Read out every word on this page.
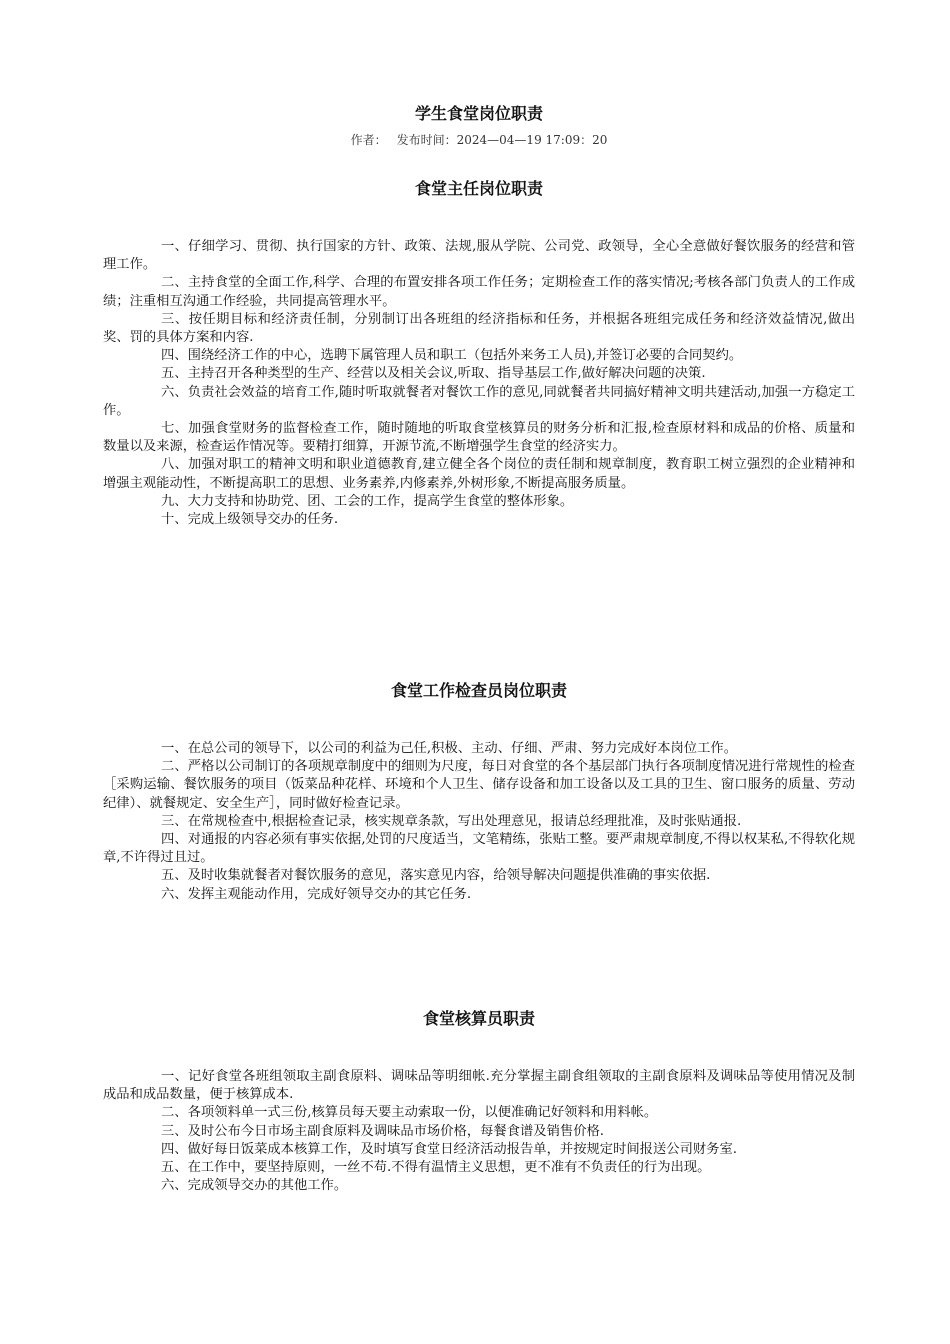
学生食堂岗位职责
作者： 发布时间：2024—04—19 17:09：20
食堂主任岗位职责

一、仔细学习、贯彻、执行国家的方针、政策、法规,服从学院、公司党、政领导，全心全意做好餐饮服务的经营和管理工作。

二、主持食堂的全面工作,科学、合理的布置安排各项工作任务；定期检查工作的落实情况;考核各部门负责人的工作成绩；注重相互沟通工作经验，共同提高管理水平。

三、按任期目标和经济责任制，分别制订出各班组的经济指标和任务，并根据各班组完成任务和经济效益情况,做出奖、罚的具体方案和内容.

四、围绕经济工作的中心，选聘下属管理人员和职工（包括外来务工人员),并签订必要的合同契约。

五、主持召开各种类型的生产、经营以及相关会议,听取、指导基层工作,做好解决问题的决策.

六、负责社会效益的培育工作,随时听取就餐者对餐饮工作的意见,同就餐者共同搞好精神文明共建活动,加强一方稳定工作。

七、加强食堂财务的监督检查工作，随时随地的听取食堂核算员的财务分析和汇报,检查原材料和成品的价格、质量和数量以及来源，检查运作情况等。要精打细算，开源节流,不断增强学生食堂的经济实力。

八、加强对职工的精神文明和职业道德教育,建立健全各个岗位的责任制和规章制度，教育职工树立强烈的企业精神和增强主观能动性，不断提高职工的思想、业务素养,内修素养,外树形象,不断提高服务质量。

九、大力支持和协助党、团、工会的工作，提高学生食堂的整体形象。

十、完成上级领导交办的任务.

食堂工作检查员岗位职责

一、在总公司的领导下，以公司的利益为己任,积极、主动、仔细、严肃、努力完成好本岗位工作。

二、严格以公司制订的各项规章制度中的细则为尺度，每日对食堂的各个基层部门执行各项制度情况进行常规性的检查［采购运输、餐饮服务的项目（饭菜品种花样、环境和个人卫生、储存设备和加工设备以及工具的卫生、窗口服务的质量、劳动纪律）、就餐规定、安全生产］，同时做好检查记录。

三、在常规检查中,根据检查记录，核实规章条款，写出处理意见，报请总经理批准，及时张贴通报.

四、对通报的内容必须有事实依据,处罚的尺度适当，文笔精练，张贴工整。要严肃规章制度,不得以权某私,不得软化规章,不许得过且过。

五、及时收集就餐者对餐饮服务的意见，落实意见内容，给领导解决问题提供准确的事实依据.

六、发挥主观能动作用，完成好领导交办的其它任务.

食堂核算员职责

一、记好食堂各班组领取主副食原料、调味品等明细帐.充分掌握主副食组领取的主副食原料及调味品等使用情况及制成品和成品数量，便于核算成本.

二、各项领料单一式三份,核算员每天要主动索取一份，以便准确记好领料和用料帐。

三、及时公布今日市场主副食原料及调味品市场价格，每餐食谱及销售价格.

四、做好每日饭菜成本核算工作，及时填写食堂日经济活动报告单，并按规定时间报送公司财务室.

五、在工作中，要坚持原则，一丝不苟.不得有温情主义思想，更不准有不负责任的行为出现。

六、完成领导交办的其他工作。
